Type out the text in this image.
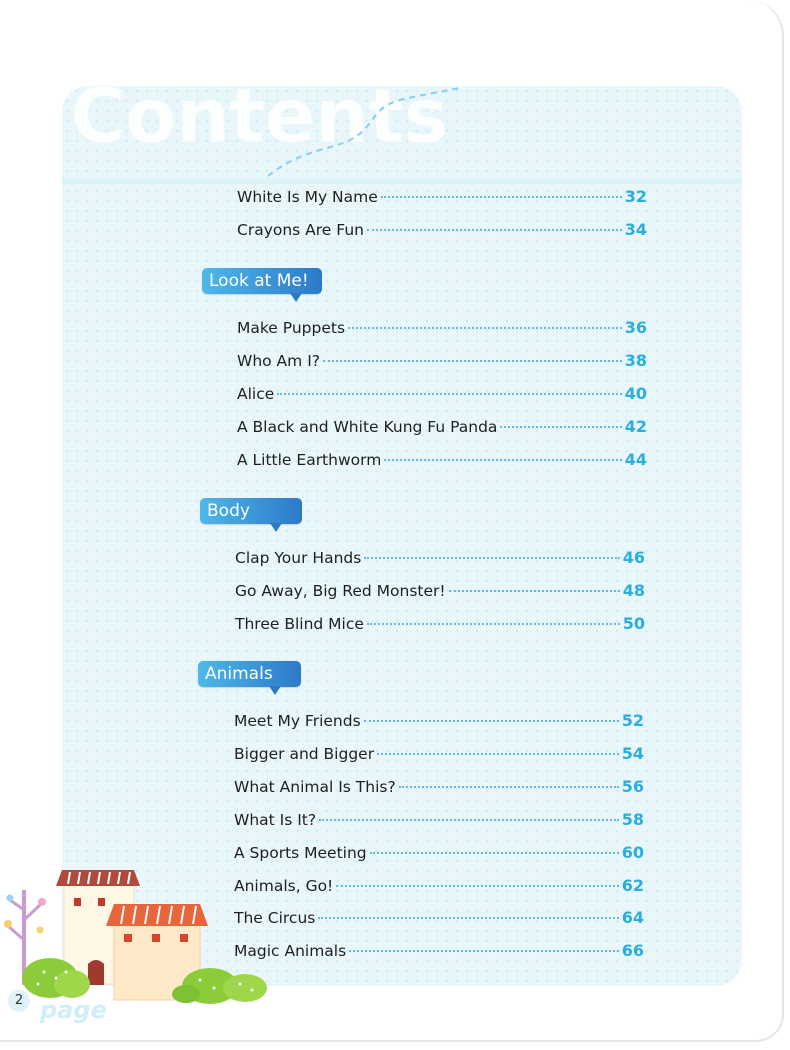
Contents
White Is My Name	32
Crayons Are Fun	34
Look at Me!
Make Puppets	36
Who Am I?	38
Alice	40
A Black and White Kung Fu Panda	42
A Little Earthworm	44
Body
Clap Your Hands	46
Go Away, Big Red Monster!	48
Three Blind Mice	50
Animals
Meet My Friends	52
Bigger and Bigger	54
What Animal Is This?	56
What Is It?	58
A Sports Meeting	60
Animals, Go!	62
The Circus	64
Magic Animals	66
page
2
